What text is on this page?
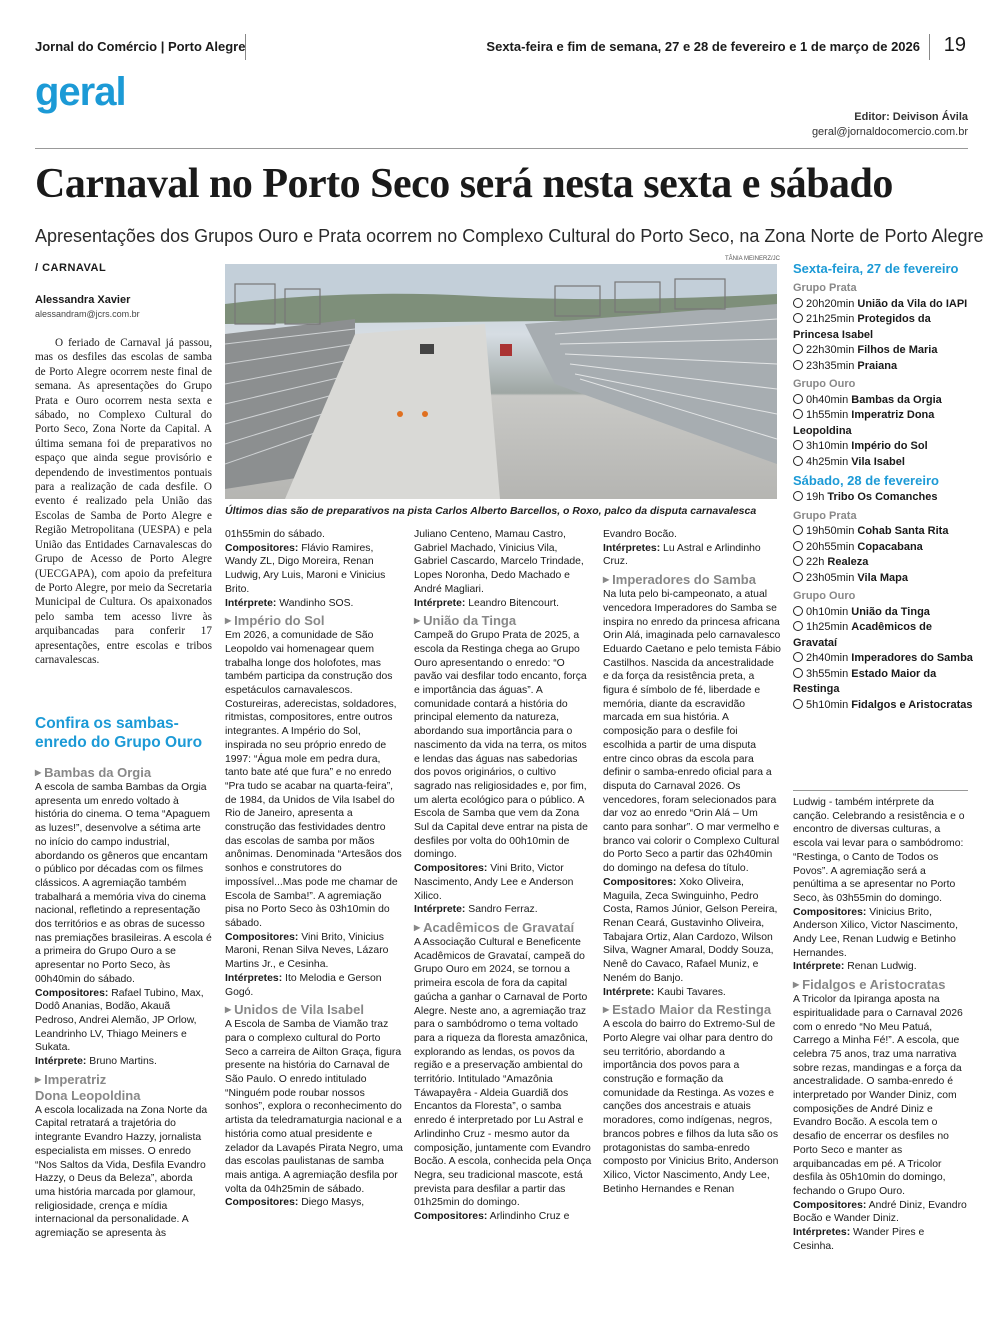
Jornal do Comércio | Porto Alegre	Sexta-feira e fim de semana, 27 e 28 de fevereiro e 1 de março de 2026 19
geral
Editor: Deivison Ávila
geral@jornaldocomercio.com.br
Carnaval no Porto Seco será nesta sexta e sábado
Apresentações dos Grupos Ouro e Prata ocorrem no Complexo Cultural do Porto Seco, na Zona Norte de Porto Alegre
/ CARNAVAL
Alessandra Xavier
alessandram@jcrs.com.br
O feriado de Carnaval já passou, mas os desfiles das escolas de samba de Porto Alegre ocorrem neste final de semana. As apresentações do Grupo Prata e Ouro ocorrem nesta sexta e sábado, no Complexo Cultural do Porto Seco, Zona Norte da Capital. A última semana foi de preparativos no espaço que ainda segue provisório e dependendo de investimentos pontuais para a realização de cada desfile. O evento é realizado pela União das Escolas de Samba de Porto Alegre e Região Metropolitana (UESPA) e pela União das Entidades Carnavalescas do Grupo de Acesso de Porto Alegre (UECGAPA), com apoio da prefeitura de Porto Alegre, por meio da Secretaria Municipal de Cultura. Os apaixonados pelo samba tem acesso livre às arquibancadas para conferir 17 apresentações, entre escolas e tribos carnavalescas.
TÂNIA MEINERZ/JC
Últimos dias são de preparativos na pista Carlos Alberto Barcellos, o Roxo, palco da disputa carnavalesca
Confira os sambas-enredo do Grupo Ouro
▶ Bambas da Orgia

A escola de samba Bambas da Orgia apresenta um enredo voltado à história do cinema. O tema “Apaguem as luzes!”, desenvolve a sétima arte no início do campo industrial, abordando os gêneros que encantam o público por décadas com os filmes clássicos. A agremiação também trabalhará a memória viva do cinema nacional, refletindo a representação dos territórios e as obras de sucesso nas premiações brasileiras. A escola é a primeira do Grupo Ouro a se apresentar no Porto Seco, às 00h40min do sábado.

Compositores: Rafael Tubino, Max, Dodô Ananias, Bodão, Akauã Pedroso, Andrei Alemão, JP Orlow, Leandrinho LV, Thiago Meiners e Sukata.

Intérprete: Bruno Martins.

▶ Imperatriz
Dona Leopoldina

A escola localizada na Zona Norte da Capital retratará a trajetória do integrante Evandro Hazzy, jornalista especialista em misses. O enredo “Nos Saltos da Vida, Desfila Evandro Hazzy, o Deus da Beleza”, aborda uma história marcada por glamour, religiosidade, crença e mídia internacional da personalidade. A agremiação se apresenta às

01h55min do sábado.

Compositores: Flávio Ramires, Wandy ZL, Digo Moreira, Renan Ludwig, Ary Luis, Maroni e Vinicius Brito.

Intérprete: Wandinho SOS.

▶ Império do Sol

Em 2026, a comunidade de São Leopoldo vai homenagear quem trabalha longe dos holofotes, mas também participa da construção dos espetáculos carnavalescos. Costureiras, aderecistas, soldadores, ritmistas, compositores, entre outros integrantes. A Império do Sol, inspirada no seu próprio enredo de 1997: “Água mole em pedra dura, tanto bate até que fura” e no enredo “Pra tudo se acabar na quarta-feira”, de 1984, da Unidos de Vila Isabel do Rio de Janeiro, apresenta a construção das festividades dentro das escolas de samba por mãos anônimas. Denominada “Artesãos dos sonhos e construtores do impossível...Mas pode me chamar de Escola de Samba!”. A agremiação pisa no Porto Seco às 03h10min do sábado.

Compositores: Vini Brito, Vinicius Maroni, Renan Silva Neves, Lázaro Martins Jr., e Cesinha.

Intérpretes: Ito Melodia e Gerson Gogó.

▶ Unidos de Vila Isabel

A Escola de Samba de Viamão traz para o complexo cultural do Porto Seco a carreira de Ailton Graça, figura presente na história do Carnaval de São Paulo. O enredo intitulado “Ninguém pode roubar nossos sonhos”, explora o reconhecimento do artista da teledramaturgia nacional e a história como atual presidente e zelador da Lavapés Pirata Negro, uma das escolas paulistanas de samba mais antiga. A agremiação desfila por volta da 04h25min de sábado.

Compositores: Diego Masys,

Juliano Centeno, Mamau Castro, Gabriel Machado, Vinicius Vila, Gabriel Cascardo, Marcelo Trindade, Lopes Noronha, Dedo Machado e André Magliari.

Intérprete: Leandro Bitencourt.

▶ União da Tinga

Campeã do Grupo Prata de 2025, a escola da Restinga chega ao Grupo Ouro apresentando o enredo: “O pavão vai desfilar todo encanto, força e importância das águas”. A comunidade contará a história do principal elemento da natureza, abordando sua importância para o nascimento da vida na terra, os mitos e lendas das águas nas sabedorias dos povos originários, o cultivo sagrado nas religiosidades e, por fim, um alerta ecológico para o público. A Escola de Samba que vem da Zona Sul da Capital deve entrar na pista de desfiles por volta do 00h10min de domingo.

Compositores: Vini Brito, Victor Nascimento, Andy Lee e Anderson Xilico.

Intérprete: Sandro Ferraz.

▶ Acadêmicos de Gravataí

A Associação Cultural e Beneficente Acadêmicos de Gravataí, campeã do Grupo Ouro em 2024, se tornou a primeira escola de fora da capital gaúcha a ganhar o Carnaval de Porto Alegre. Neste ano, a agremiação traz para o sambódromo o tema voltado para a riqueza da floresta amazônica, explorando as lendas, os povos da região e a preservação ambiental do território. Intitulado “Amazônia Táwapayêra - Aldeia Guardiã dos Encantos da Floresta”, o samba enredo é interpretado por Lu Astral e Arlindinho Cruz - mesmo autor da composição, juntamente com Evandro Bocão. A escola, conhecida pela Onça Negra, seu tradicional mascote, está prevista para desfilar a partir das 01h25min do domingo.

Compositores: Arlindinho Cruz e

Evandro Bocão.

Intérpretes: Lu Astral e Arlindinho Cruz.

▶ Imperadores do Samba

Na luta pelo bi-campeonato, a atual vencedora Imperadores do Samba se inspira no enredo da princesa africana Orin Alá, imaginada pelo carnavalesco Eduardo Caetano e pelo temista Fábio Castilhos. Nascida da ancestralidade e da força da resistência preta, a figura é símbolo de fé, liberdade e memória, diante da escravidão marcada em sua história. A composição para o desfile foi escolhida a partir de uma disputa entre cinco obras da escola para definir o samba-enredo oficial para a disputa do Carnaval 2026. Os vencedores, foram selecionados para dar voz ao enredo “Orin Alá – Um canto para sonhar”. O mar vermelho e branco vai colorir o Complexo Cultural do Porto Seco a partir das 02h40min do domingo na defesa do título.

Compositores: Xoko Oliveira, Maguila, Zeca Swinguinho, Pedro Costa, Ramos Júnior, Gelson Pereira, Renan Ceará, Gustavinho Oliveira, Tabajara Ortiz, Alan Cardozo, Wilson Silva, Wagner Amaral, Doddy Souza, Nenê do Cavaco, Rafael Muniz, e Neném do Banjo.

Intérprete: Kaubi Tavares.

▶ Estado Maior da Restinga

A escola do bairro do Extremo-Sul de Porto Alegre vai olhar para dentro do seu território, abordando a importância dos povos para a construção e formação da comunidade da Restinga. As vozes e canções dos ancestrais e atuais moradores, como indígenas, negros, brancos pobres e filhos da luta são os protagonistas do samba-enredo composto por Vinicius Brito, Anderson Xilico, Victor Nascimento, Andy Lee, Betinho Hernandes e Renan

Ludwig - também intérprete da canção. Celebrando a resistência e o encontro de diversas culturas, a escola vai levar para o sambódromo: “Restinga, o Canto de Todos os Povos”. A agremiação será a penúltima a se apresentar no Porto Seco, às 03h55min do domingo.

Compositores: Vinicius Brito, Anderson Xilico, Victor Nascimento, Andy Lee, Renan Ludwig e Betinho Hernandes.

Intérprete: Renan Ludwig.

▶ Fidalgos e Aristocratas

A Tricolor da Ipiranga aposta na espiritualidade para o Carnaval 2026 com o enredo “No Meu Patuá, Carrego a Minha Fé!”. A escola, que celebra 75 anos, traz uma narrativa sobre rezas, mandingas e a força da ancestralidade. O samba-enredo é interpretado por Wander Diniz, com composições de André Diniz e Evandro Bocão. A escola tem o desafio de encerrar os desfiles no Porto Seco e manter as arquibancadas em pé. A Tricolor desfila às 05h10min do domingo, fechando o Grupo Ouro.

Compositores: André Diniz, Evandro Bocão e Wander Diniz.

Intérpretes: Wander Pires e Cesinha.

Sexta-feira, 27 de fevereiro
Grupo Prata

20h20min União da Vila do IAPI

21h25min Protegidos da Princesa Isabel

22h30min Filhos de Maria

23h35min Praiana

Grupo Ouro

0h40min Bambas da Orgia

1h55min Imperatriz Dona Leopoldina

3h10min Império do Sol

4h25min Vila Isabel

Sábado, 28 de fevereiro

19h Tribo Os Comanches

Grupo Prata

19h50min Cohab Santa Rita

20h55min Copacabana

22h Realeza

23h05min Vila Mapa

Grupo Ouro

0h10min União da Tinga

1h25min Acadêmicos de Gravataí

2h40min Imperadores do Samba

3h55min Estado Maior da Restinga

5h10min Fidalgos e Aristocratas
